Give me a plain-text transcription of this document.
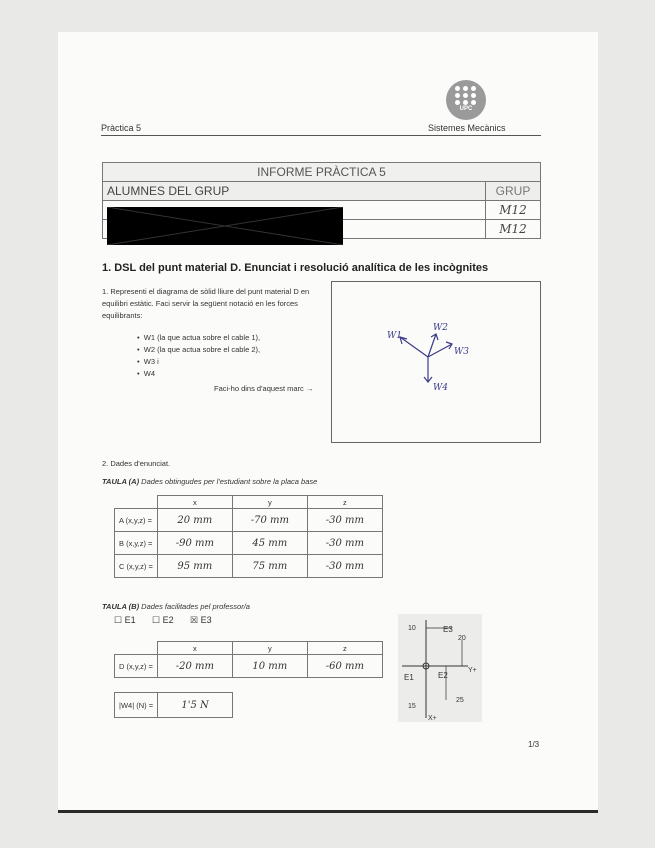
UPC
Pràctica 5	Sistemes Mecànics
INFORME PRÀCTICA 5	
ALUMNES DEL GRUP	GRUP
	M12
	M12
1. DSL del punt material D. Enunciat i resolució analítica de les incògnites
1. Representi el diagrama de sòlid lliure del punt material D en equilibri estàtic. Faci servir la següent notació en les forces equilibrants:
•  W1 (la que actua sobre el cable 1),
•  W2 (la que actua sobre el cable 2),
•  W3 i
•  W4
Faci-ho dins d'aquest marc →
W1
W2
W3
W4
2. Dades d'enunciat.
TAULA (A) Dades obtingudes per l'estudiant sobre la placa base
	x	y	z
A (x,y,z) =	20 mm	-70 mm	-30 mm
B (x,y,z) =	-90 mm	45 mm	-30 mm
C (x,y,z) =	95 mm	75 mm	-30 mm
TAULA (B) Dades facilitades pel professor/a
☐ E1 ☐ E2 ☒ E3
	x	y	z
D (x,y,z) =	-20 mm	10 mm	-60 mm
|W4| (N) =	1'5 N
10	E3
20
Y+
E1	E2
25
15
X+
1/3
